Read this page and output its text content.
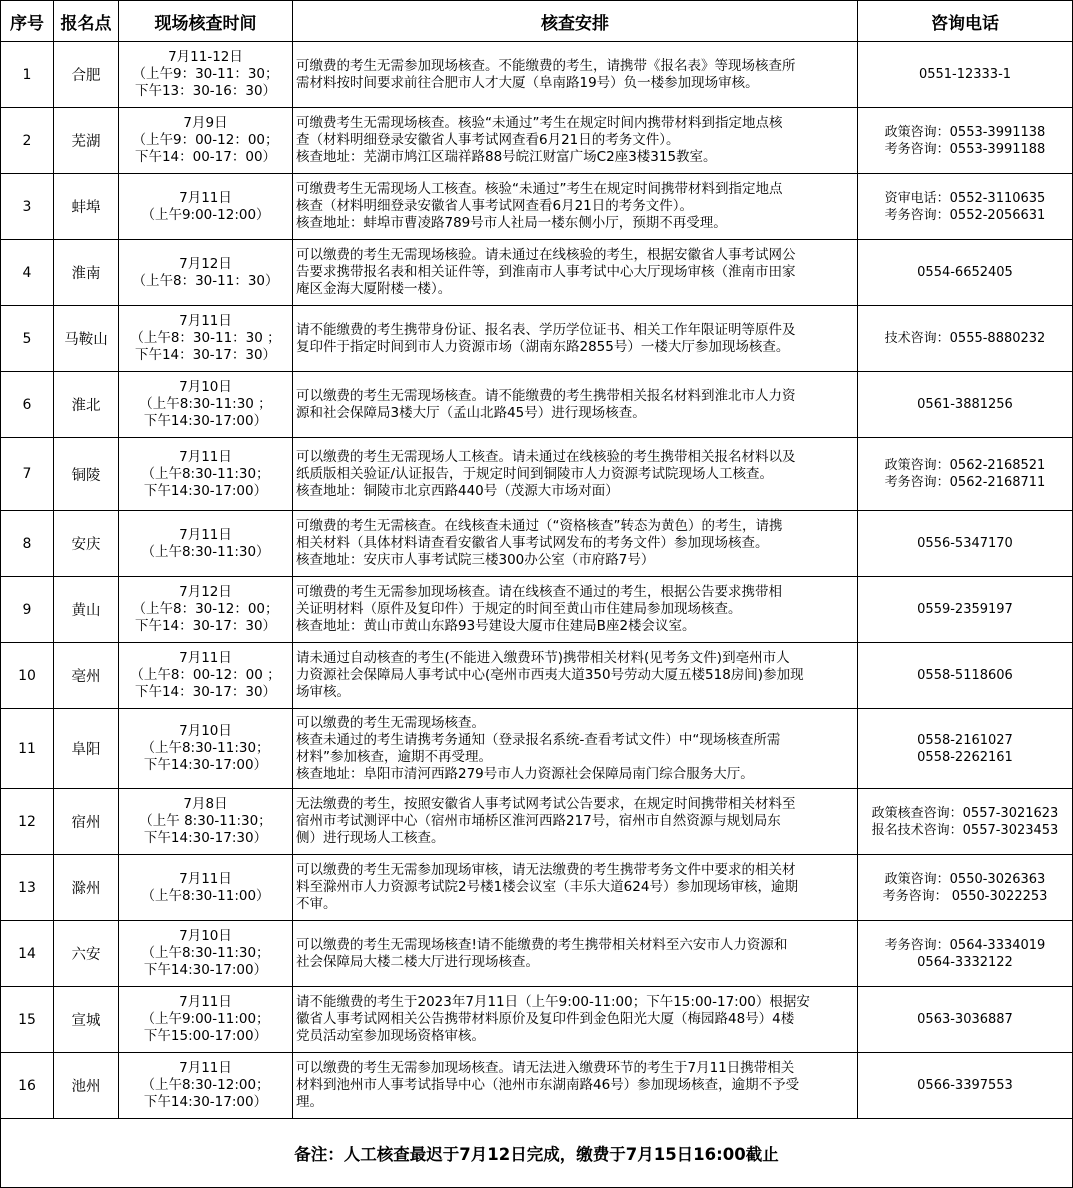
序号	报名点	现场核查时间	核查安排	咨询电话
1	合肥	7月11-12日
（上午9：30-11：30；
下午13：30-16：30）	可缴费的考生无需参加现场核查。不能缴费的考生，请携带《报名表》等现场核查所
需材料按时间要求前往合肥市人才大厦（阜南路19号）负一楼参加现场审核。	0551-12333-1

2	芜湖	7月9日
（上午9：00-12：00；
下午14：00-17：00）	可缴费考生无需现场核查。核验“未通过”考生在规定时间内携带材料到指定地点核
查（材料明细登录安徽省人事考试网查看6月21日的考务文件）。
核查地址：芜湖市鸠江区瑞祥路88号皖江财富广场C2座3楼315教室。	政策咨询：0553-3991138
考务咨询：0553-3991188

3	蚌埠	7月11日
（上午9:00-12:00）	可缴费考生无需现场人工核查。核验“未通过”考生在规定时间携带材料到指定地点
核查（材料明细登录安徽省人事考试网查看6月21日的考务文件）。
核查地址：蚌埠市曹凌路789号市人社局一楼东侧小厅，预期不再受理。	资审电话：0552-3110635
考务咨询：0552-2056631

4	淮南	7月12日
（上午8：30-11：30）	可以缴费的考生无需现场核验。请未通过在线核验的考生，根据安徽省人事考试网公
告要求携带报名表和相关证件等，到淮南市人事考试中心大厅现场审核（淮南市田家
庵区金海大厦附楼一楼）。	0554-6652405

5	马鞍山	7月11日
（上午8：30-11：30 ；
下午14：30-17：30）	请不能缴费的考生携带身份证、报名表、学历学位证书、相关工作年限证明等原件及
复印件于指定时间到市人力资源市场（湖南东路2855号）一楼大厅参加现场核查。	技术咨询：0555-8880232

6	淮北	7月10日
（上午8:30-11:30 ；
下午14:30-17:00）	可以缴费的考生无需现场核查。请不能缴费的考生携带相关报名材料到淮北市人力资
源和社会保障局3楼大厅（孟山北路45号）进行现场核查。	0561-3881256

7	铜陵	7月11日
（上午8:30-11:30；
下午14:30-17:00）	可以缴费的考生无需现场人工核查。请未通过在线核验的考生携带相关报名材料以及
纸质版相关验证/认证报告，于规定时间到铜陵市人力资源考试院现场人工核查。
核查地址：铜陵市北京西路440号（茂源大市场对面）	政策咨询：0562-2168521
考务咨询：0562-2168711

8	安庆	7月11日
（上午8:30-11:30）	可缴费的考生无需核查。在线核查未通过（“资格核查”转态为黄色）的考生，请携
相关材料（具体材料请查看安徽省人事考试网发布的考务文件）参加现场核查。
核查地址：安庆市人事考试院三楼300办公室（市府路7号）	0556-5347170

9	黄山	7月12日
（上午8：30-12：00；
下午14：30-17：30）	可缴费的考生无需参加现场核查。请在线核查不通过的考生，根据公告要求携带相
关证明材料（原件及复印件）于规定的时间至黄山市住建局参加现场核查。
核查地址：黄山市黄山东路93号建设大厦市住建局B座2楼会议室。	0559-2359197

10	亳州	7月11日
（上午8：00-12：00 ；
下午14：30-17：30）	请未通过自动核查的考生(不能进入缴费环节)携带相关材料(见考务文件)到亳州市人
力资源社会保障局人事考试中心(亳州市西夷大道350号劳动大厦五楼518房间)参加现
场审核。	0558-5118606

11	阜阳	7月10日
（上午8:30-11:30；
下午14:30-17:00）	可以缴费的考生无需现场核查。
核查未通过的考生请携考务通知（登录报名系统-查看考试文件）中“现场核查所需
材料”参加核查，逾期不再受理。
核查地址：阜阳市清河西路279号市人力资源社会保障局南门综合服务大厅。	0558-2161027
0558-2262161

12	宿州	7月8日
（上午 8:30-11:30；
下午14:30-17:30）	无法缴费的考生，按照安徽省人事考试网考试公告要求，在规定时间携带相关材料至
宿州市考试测评中心（宿州市埇桥区淮河西路217号，宿州市自然资源与规划局东
侧）进行现场人工核查。	政策核查咨询：0557-3021623
报名技术咨询：0557-3023453

13	滁州	7月11日
（上午8:30-11:00）	可以缴费的考生无需参加现场审核，请无法缴费的考生携带考务文件中要求的相关材
料至滁州市人力资源考试院2号楼1楼会议室（丰乐大道624号）参加现场审核，逾期
不审。	政策咨询：0550-3026363
考务咨询： 0550-3022253

14	六安	7月10日
（上午8:30-11:30；
下午14:30-17:00）	可以缴费的考生无需现场核查!请不能缴费的考生携带相关材料至六安市人力资源和
社会保障局大楼二楼大厅进行现场核查。	考务咨询：0564-3334019
0564-3332122

15	宣城	7月11日
（上午9:00-11:00；
下午15:00-17:00）	请不能缴费的考生于2023年7月11日（上午9:00-11:00；下午15:00-17:00）根据安
徽省人事考试网相关公告携带材料原价及复印件到金色阳光大厦（梅园路48号）4楼
党员活动室参加现场资格审核。	0563-3036887

16	池州	7月11日
（上午8:30-12:00；
下午14:30-17:00）	可以缴费的考生无需参加现场核查。请无法进入缴费环节的考生于7月11日携带相关
材料到池州市人事考试指导中心（池州市东湖南路46号）参加现场核查，逾期不予受
理。	0566-3397553

备注：人工核查最迟于7月12日完成，缴费于7月15日16:00截止				
